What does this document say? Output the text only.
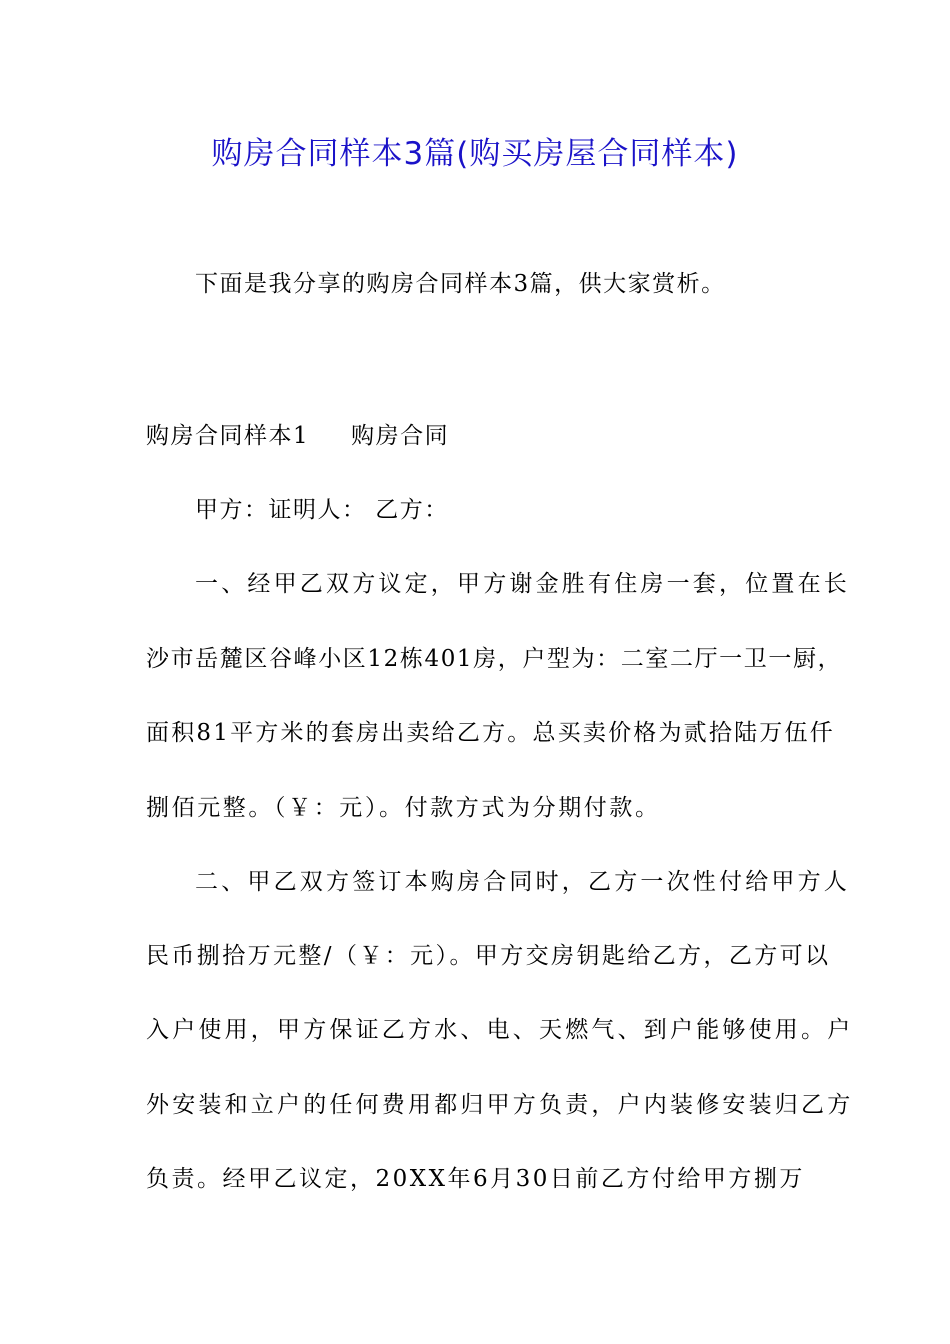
购房合同样本3篇(购买房屋合同样本)
下面是我分享的购房合同样本3篇，供大家赏析。
购房合同样本1 购房合同
甲方：证明人： 乙方：
一、经甲乙双方议定，甲方谢金胜有住房一套，位置在长
沙市岳麓区谷峰小区12栋401房，户型为：二室二厅一卫一厨，
面积81平方米的套房出卖给乙方。总买卖价格为贰拾陆万伍仟
捌佰元整。（￥：元）。付款方式为分期付款。
二、甲乙双方签订本购房合同时，乙方一次性付给甲方人
民币捌拾万元整/（￥：元）。甲方交房钥匙给乙方，乙方可以
入户使用，甲方保证乙方水、电、天燃气、到户能够使用。户
外安装和立户的任何费用都归甲方负责，户内装修安装归乙方
负责。经甲乙议定，20XX年6月30日前乙方付给甲方捌万
